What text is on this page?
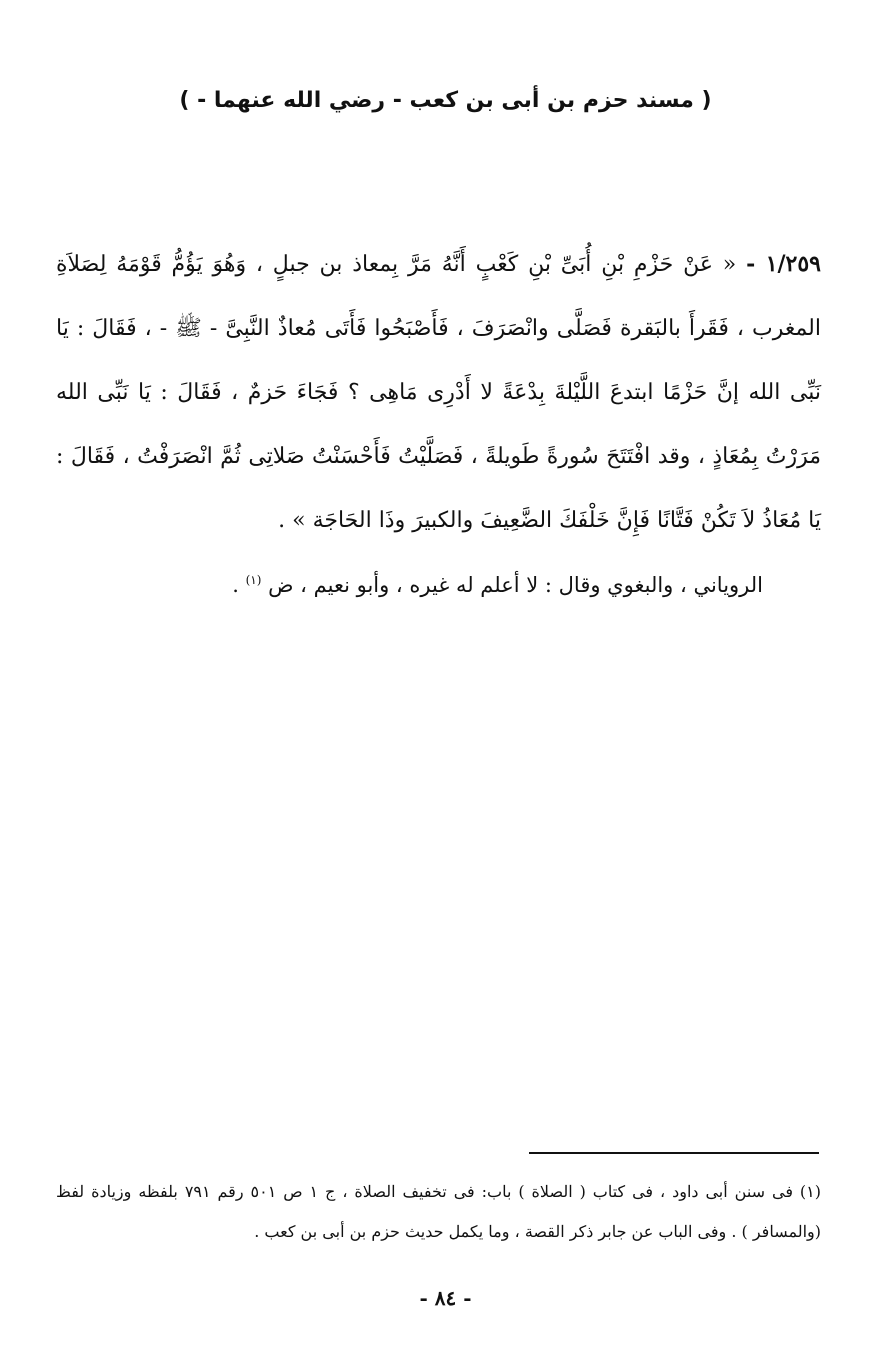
( مسند حزم بن أبى بن كعب - رضي الله عنهما - )
١/٢٥٩ - « عَنْ حَزْمِ بْنِ أُبَىِّ بْنِ كَعْبٍ أَنَّهُ مَرَّ بِمعاذ بن جبلٍ ، وَهُوَ يَؤُمُّ قَوْمَهُ لِصَلاَةِ المغرب ، فَقَرأَ بالبَقرة فَصَلَّى وانْصَرَفَ ، فَأَصْبَحُوا فَأَتَى مُعاذٌ النَّبِىَّ - ﷺ - ، فَقَالَ : يَا نَبِّى الله إنَّ حَزْمًا ابتدعَ اللَّيْلةَ بِدْعَةً لا أَدْرِى مَاهِى ؟ فَجَاءَ حَزمٌ ، فَقَالَ : يَا نَبِّى الله مَرَرْتُ بِمُعَاذٍ ، وقد افْتَتَحَ سُورةً طَويلةً ، فَصَلَّيْتُ فَأَحْسَنْتُ صَلاتِى ثُمَّ انْصَرَفْتُ ، فَقَالَ : يَا مُعَاذُ لاَ تَكُنْ فَتَّانًا فَإِنَّ خَلْفَكَ الضَّعِيفَ والكبيرَ وذَا الحَاجَة » .
الروياني ، والبغوي وقال : لا أعلم له غيره ، وأبو نعيم ، ض $^{(١)}$ .
(١) فى سنن أبى داود ، فى كتاب ( الصلاة ) باب: فى تخفيف الصلاة ، ج ١ ص ٥٠١ رقم ٧٩١ بلفظه وزيادة لفظ (والمسافر ) . وفى الباب عن جابر ذكر القصة ، وما يكمل حديث حزم بن أبى بن كعب .
- ٨٤ -
